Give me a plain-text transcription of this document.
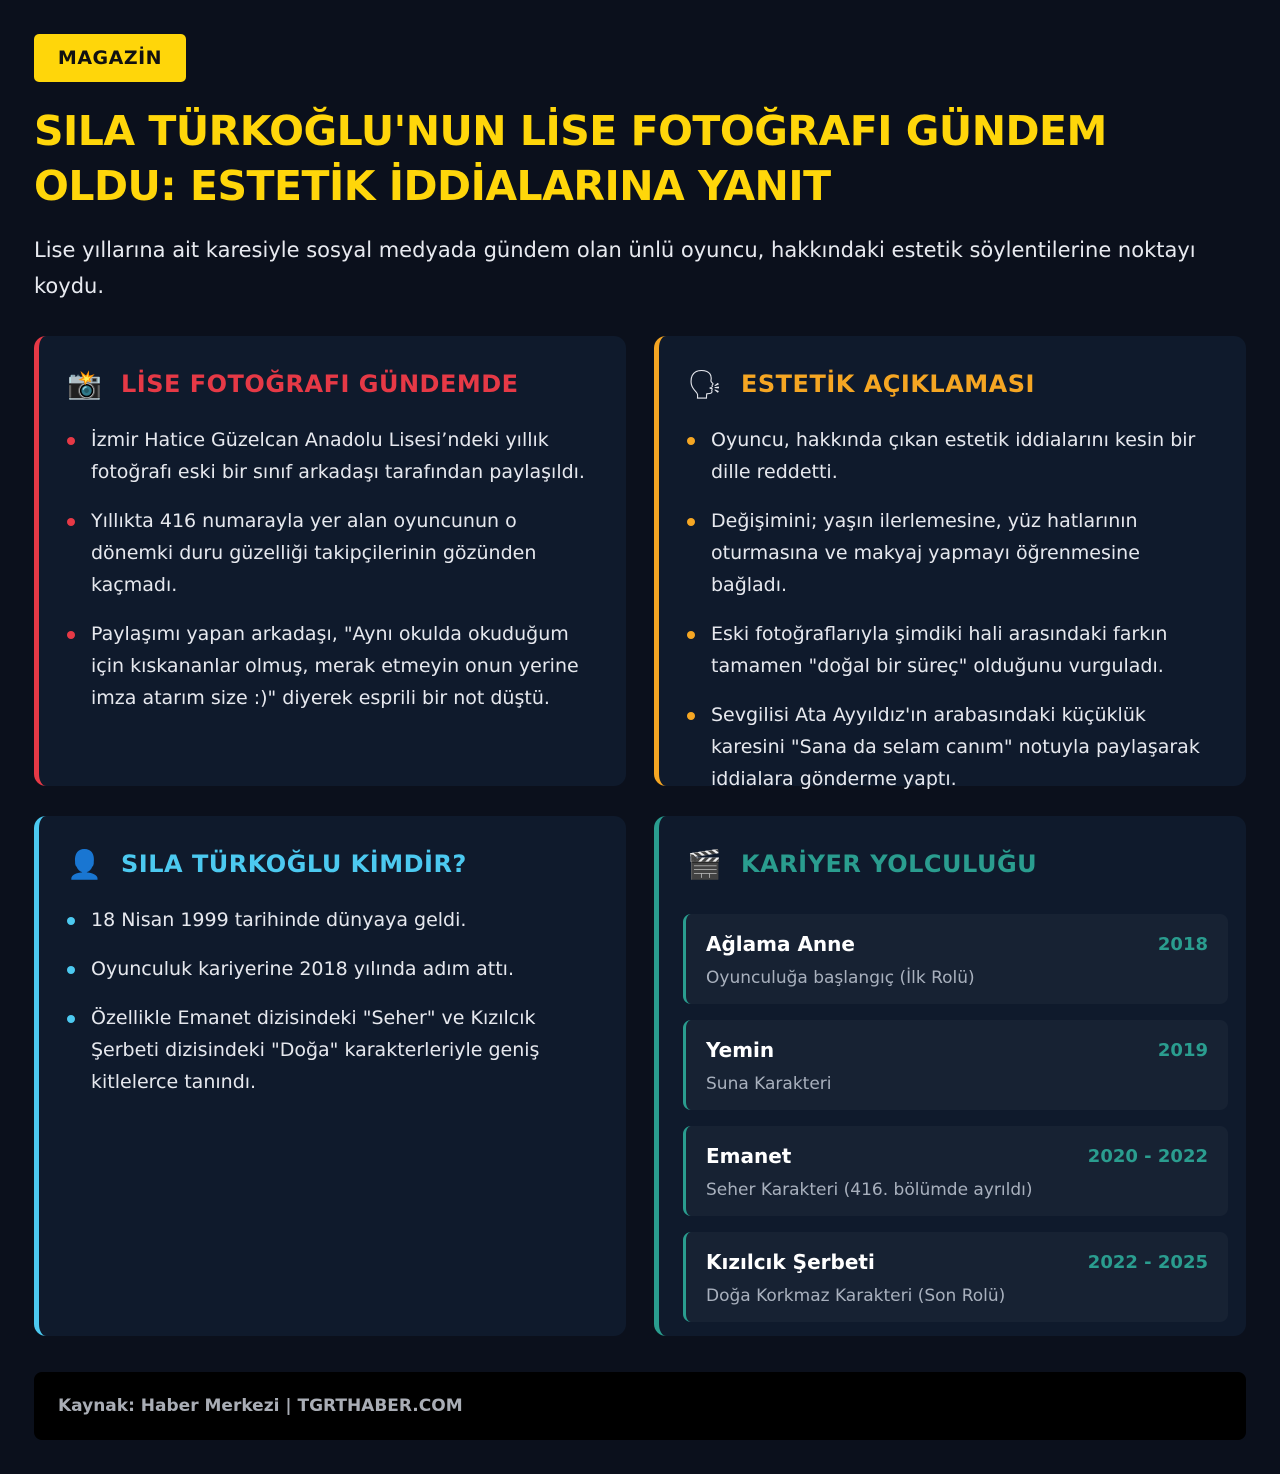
MAGAZİN
SILA TÜRKOĞLU'NUN LİSE FOTOĞRAFI GÜNDEM OLDU: ESTETİK İDDİALARINA YANIT

Lise yıllarına ait karesiyle sosyal medyada gündem olan ünlü oyuncu, hakkındaki estetik söylentilerine noktayı koydu.

📸 LİSE FOTOĞRAFI GÜNDEMDE
İzmir Hatice Güzelcan Anadolu Lisesi’ndeki yıllık fotoğrafı eski bir sınıf arkadaşı tarafından paylaşıldı.
Yıllıkta 416 numarayla yer alan oyuncunun o dönemki duru güzelliği takipçilerinin gözünden kaçmadı.
Paylaşımı yapan arkadaşı, "Aynı okulda okuduğum için kıskananlar olmuş, merak etmeyin onun yerine imza atarım size :)" diyerek esprili bir not düştü.
🗣 ESTETİK AÇIKLAMASI
Oyuncu, hakkında çıkan estetik iddialarını kesin bir dille reddetti.
Değişimini; yaşın ilerlemesine, yüz hatlarının oturmasına ve makyaj yapmayı öğrenmesine bağladı.
Eski fotoğraflarıyla şimdiki hali arasındaki farkın tamamen "doğal bir süreç" olduğunu vurguladı.
Sevgilisi Ata Ayyıldız'ın arabasındaki küçüklük karesini "Sana da selam canım" notuyla paylaşarak iddialara gönderme yaptı.
👤 SILA TÜRKOĞLU KİMDİR?
18 Nisan 1999 tarihinde dünyaya geldi.
Oyunculuk kariyerine 2018 yılında adım attı.
Özellikle Emanet dizisindeki "Seher" ve Kızılcık Şerbeti dizisindeki "Doğa" karakterleriyle geniş kitlelerce tanındı.
🎬 KARİYER YOLCULUĞU
Ağlama Anne	2018
Oyunculuğa başlangıç (İlk Rolü)
Yemin	2019
Suna Karakteri
Emanet	2020 - 2022
Seher Karakteri (416. bölümde ayrıldı)
Kızılcık Şerbeti	2022 - 2025
Doğa Korkmaz Karakteri (Son Rolü)
Kaynak: Haber Merkezi | TGRTHABER.COM
